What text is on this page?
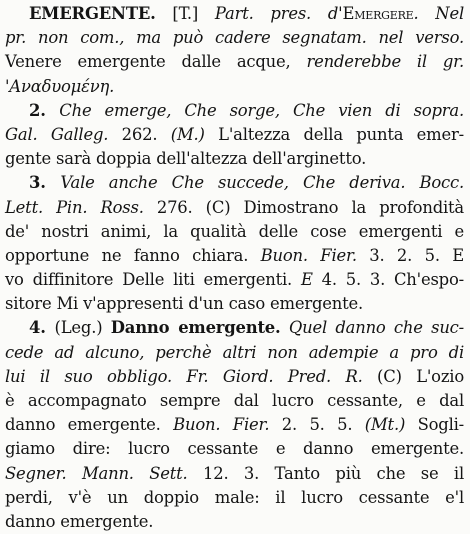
EMERGENTE. [T.] Part. pres. d'Emergere. Nel
pr. non com., ma può cadere segnatam. nel verso.
Venere emergente dalle acque, renderebbe il gr.
'Αναδυομένη.
2. Che emerge, Che sorge, Che vien di sopra.
Gal. Galleg. 262. (M.) L'altezza della punta emer-
gente sarà doppia dell'altezza dell'arginetto.
3. Vale anche Che succede, Che deriva. Bocc.
Lett. Pin. Ross. 276. (C) Dimostrano la profondità
de' nostri animi, la qualità delle cose emergenti e
opportune ne fanno chiara. Buon. Fier. 3. 2. 5. E
vo diffinitore Delle liti emergenti. E 4. 5. 3. Ch'espo-
sitore Mi v'appresenti d'un caso emergente.
4. (Leg.) Danno emergente. Quel danno che suc-
cede ad alcuno, perchè altri non adempie a pro di
lui il suo obbligo. Fr. Giord. Pred. R. (C) L'ozio
è accompagnato sempre dal lucro cessante, e dal
danno emergente. Buon. Fier. 2. 5. 5. (Mt.) Sogli-
giamo dire: lucro cessante e danno emergente.
Segner. Mann. Sett. 12. 3. Tanto più che se il
perdi, v'è un doppio male: il lucro cessante e'l
danno emergente.
